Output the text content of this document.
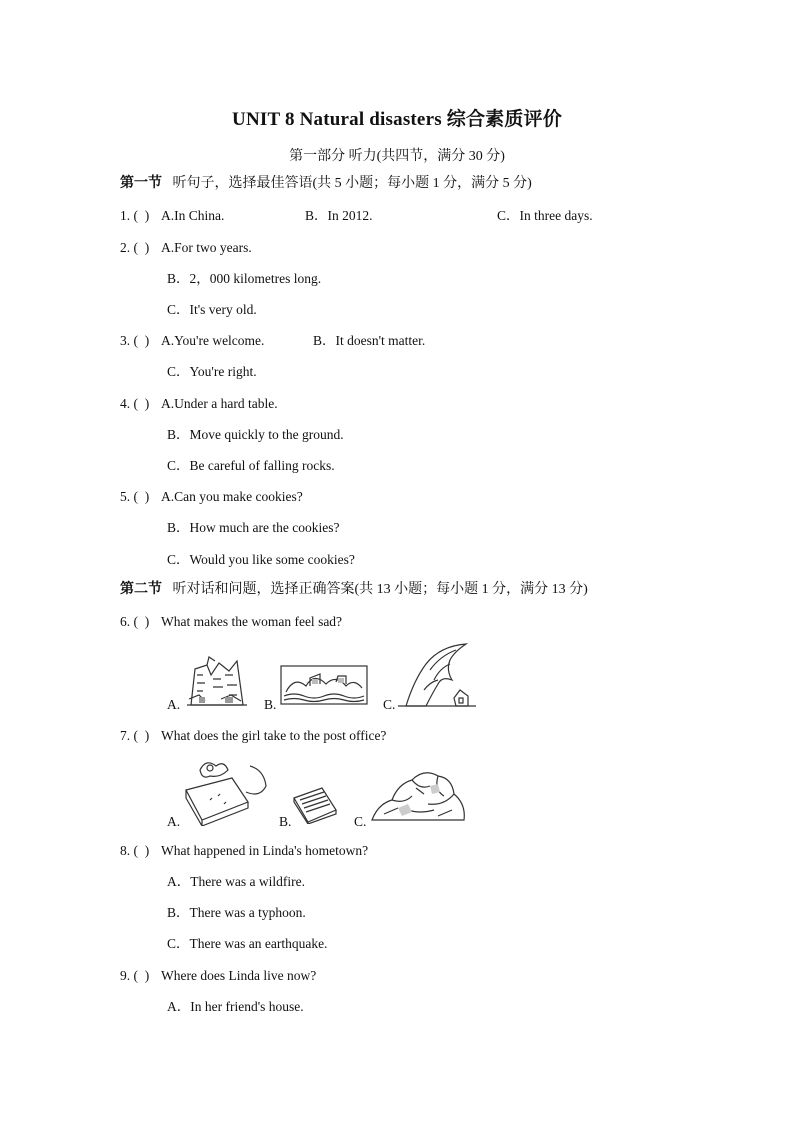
UNIT 8 Natural disasters 综合素质评价
第一部分 听力(共四节，满分 30 分)
第一节 听句子，选择最佳答语(共 5 小题；每小题 1 分，满分 5 分)
1. (  ) A.In China.	B．In 2012.	C．In three days.
2. (  ) A.For two years.
B．2，000 kilometres long.
C．It's very old.
3. (  ) A.You're welcome.	B．It doesn't matter.
C．You're right.
4. (  ) A.Under a hard table.
B．Move quickly to the ground.
C．Be careful of falling rocks.
5. (  ) A.Can you make cookies?
B．How much are the cookies?
C．Would you like some cookies?
第二节 听对话和问题，选择正确答案(共 13 小题；每小题 1 分，满分 13 分)
6. (  ) What makes the woman feel sad?
A.	B.	C.
7. (  ) What does the girl take to the post office?
A.	B.	C.
8. (  ) What happened in Linda's hometown?
A．There was a wildfire.
B．There was a typhoon.
C．There was an earthquake.
9. (  ) Where does Linda live now?
A．In her friend's house.
